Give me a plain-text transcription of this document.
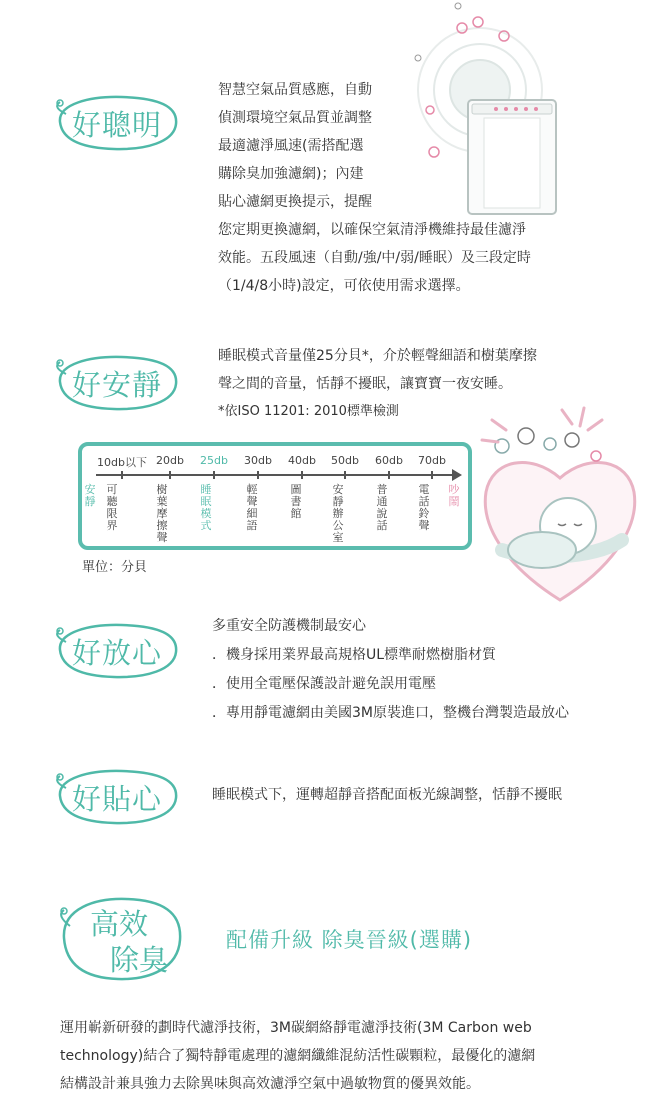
好聰明
智慧空氣品質感應，自動
偵測環境空氣品質並調整
最適濾淨風速(需搭配選
購除臭加強濾網)；內建
貼心濾網更換提示，提醒
您定期更換濾網，以確保空氣清淨機維持最佳濾淨
效能。五段風速（自動/強/中/弱/睡眠）及三段定時
（1/4/8小時)設定，可依使用需求選擇。
好安靜
睡眠模式音量僅25分貝*，介於輕聲細語和樹葉摩擦
聲之間的音量，恬靜不擾眠，讓寶寶一夜安睡。
*依ISO 11201: 2010標準檢測
10db以下 20db 25db 30db 40db 50db 60db 70db
安靜
可聽限界
樹葉摩擦聲
睡眠模式
輕聲細語
圖書館
安靜辦公室
普通說話
電話鈴聲
吵鬧
單位：分貝
好放心
多重安全防護機制最安心
．機身採用業界最高規格UL標準耐燃樹脂材質
．使用全電壓保護設計避免誤用電壓
．專用靜電濾網由美國3M原裝進口，整機台灣製造最放心
好貼心	睡眠模式下，運轉超靜音搭配面板光線調整，恬靜不擾眠
高效
除臭
配備升級 除臭晉級(選購)
運用嶄新研發的劃時代濾淨技術，3M碳網絡靜電濾淨技術(3M Carbon web
technology)結合了獨特靜電處理的濾網纖維混紡活性碳顆粒，最優化的濾網
結構設計兼具強力去除異味與高效濾淨空氣中過敏物質的優異效能。
